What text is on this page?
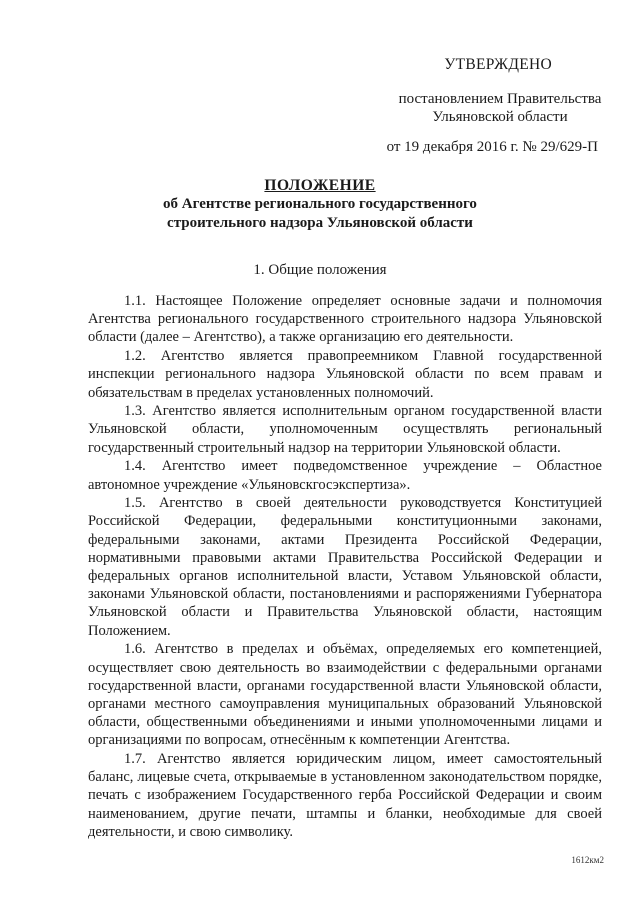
УТВЕРЖДЕНО
постановлением Правительства
Ульяновской области
от 19 декабря 2016 г. № 29/629-П
ПОЛОЖЕНИЕ
об Агентстве регионального государственного
строительного надзора Ульяновской области
1. Общие положения

1.1. Настоящее Положение определяет основные задачи и полномочия Агентства регионального государственного строительного надзора Ульяновской области (далее – Агентство), а также организацию его деятельности.

1.2. Агентство является правопреемником Главной государственной инспекции регионального надзора Ульяновской области по всем правам и обязательствам в пределах установленных полномочий.

1.3. Агентство является исполнительным органом государственной власти Ульяновской области, уполномоченным осуществлять региональный государственный строительный надзор на территории Ульяновской области.

1.4. Агентство имеет подведомственное учреждение – Областное автономное учреждение «Ульяновскгосэкспертиза».

1.5. Агентство в своей деятельности руководствуется Конституцией Российской Федерации, федеральными конституционными законами, федеральными законами, актами Президента Российской Федерации, нормативными правовыми актами Правительства Российской Федерации и федеральных органов исполнительной власти, Уставом Ульяновской области, законами Ульяновской области, постановлениями и распоряжениями Губернатора Ульяновской области и Правительства Ульяновской области, настоящим Положением.

1.6. Агентство в пределах и объёмах, определяемых его компетенцией, осуществляет свою деятельность во взаимодействии с федеральными органами государственной власти, органами государственной власти Ульяновской области, органами местного самоуправления муниципальных образований Ульяновской области, общественными объединениями и иными уполномоченными лицами и организациями по вопросам, отнесённым к компетенции Агентства.

1.7. Агентство является юридическим лицом, имеет самостоятельный баланс, лицевые счета, открываемые в установленном законодательством порядке, печать с изображением Государственного герба Российской Федерации и своим наименованием, другие печати, штампы и бланки, необходимые для своей деятельности, и свою символику.

1612км2
